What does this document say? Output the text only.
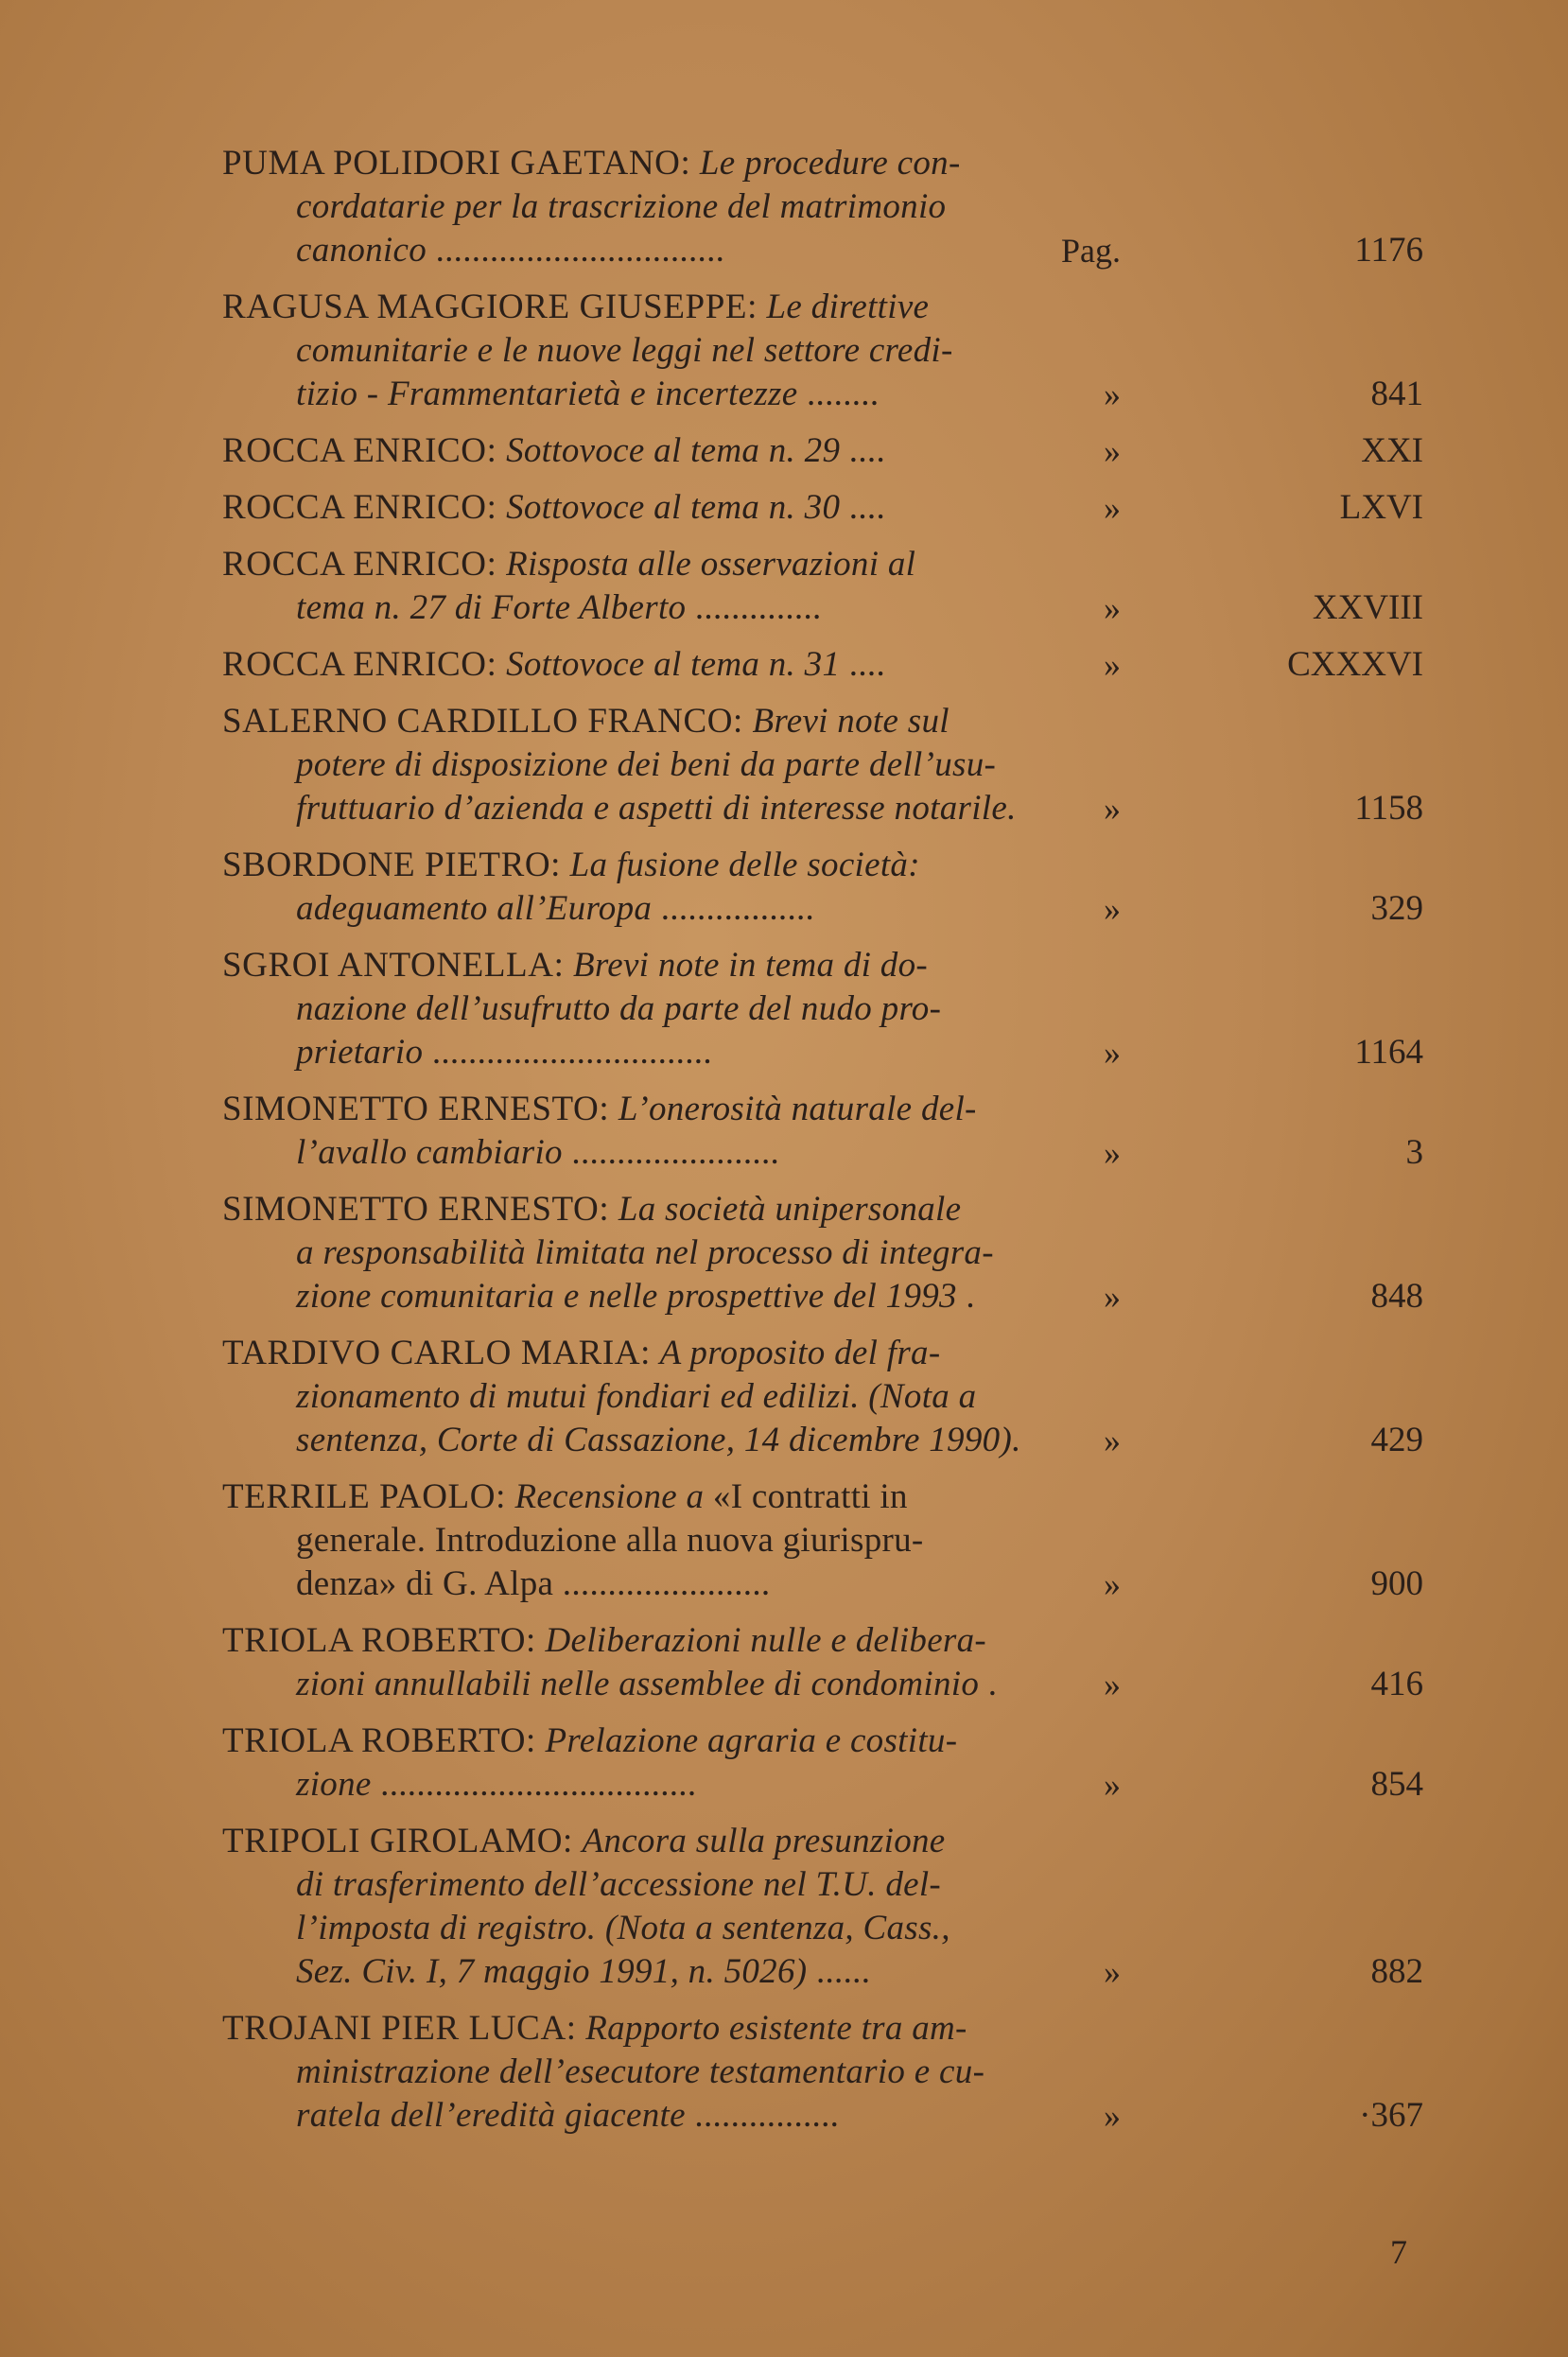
PUMA POLIDORI GAETANO: Le procedure con-
cordatarie per la trascrizione del matrimonio
canonico ................................	Pag.	1176
RAGUSA MAGGIORE GIUSEPPE: Le direttive
comunitarie e le nuove leggi nel settore credi-
tizio - Frammentarietà e incertezze ........	»	841
ROCCA ENRICO: Sottovoce al tema n. 29 ....	»	XXI
ROCCA ENRICO: Sottovoce al tema n. 30 ....	»	LXVI
ROCCA ENRICO: Risposta alle osservazioni al
tema n. 27 di Forte Alberto ..............	»	XXVIII
ROCCA ENRICO: Sottovoce al tema n. 31 ....	»	CXXXVI
SALERNO CARDILLO FRANCO: Brevi note sul
potere di disposizione dei beni da parte dell’usu-
fruttuario d’azienda e aspetti di interesse notarile.	»	1158
SBORDONE PIETRO: La fusione delle società:
adeguamento all’Europa .................	»	329
SGROI ANTONELLA: Brevi note in tema di do-
nazione dell’usufrutto da parte del nudo pro-
prietario ...............................	»	1164
SIMONETTO ERNESTO: L’onerosità naturale del-
l’avallo cambiario .......................	»	3
SIMONETTO ERNESTO: La società unipersonale
a responsabilità limitata nel processo di integra-
zione comunitaria e nelle prospettive del 1993 .	»	848
TARDIVO CARLO MARIA: A proposito del fra-
zionamento di mutui fondiari ed edilizi. (Nota a
sentenza, Corte di Cassazione, 14 dicembre 1990).	»	429
TERRILE PAOLO: Recensione a «I contratti in
generale. Introduzione alla nuova giurispru-
denza» di G. Alpa .......................	»	900
TRIOLA ROBERTO: Deliberazioni nulle e delibera-
zioni annullabili nelle assemblee di condominio .	»	416
TRIOLA ROBERTO: Prelazione agraria e costitu-
zione ...................................	»	854
TRIPOLI GIROLAMO: Ancora sulla presunzione
di trasferimento dell’accessione nel T.U. del-
l’imposta di registro. (Nota a sentenza, Cass.,
Sez. Civ. I, 7 maggio 1991, n. 5026) ......	»	882
TROJANI PIER LUCA: Rapporto esistente tra am-
ministrazione dell’esecutore testamentario e cu-
ratela dell’eredità giacente ................	»	·367
7
